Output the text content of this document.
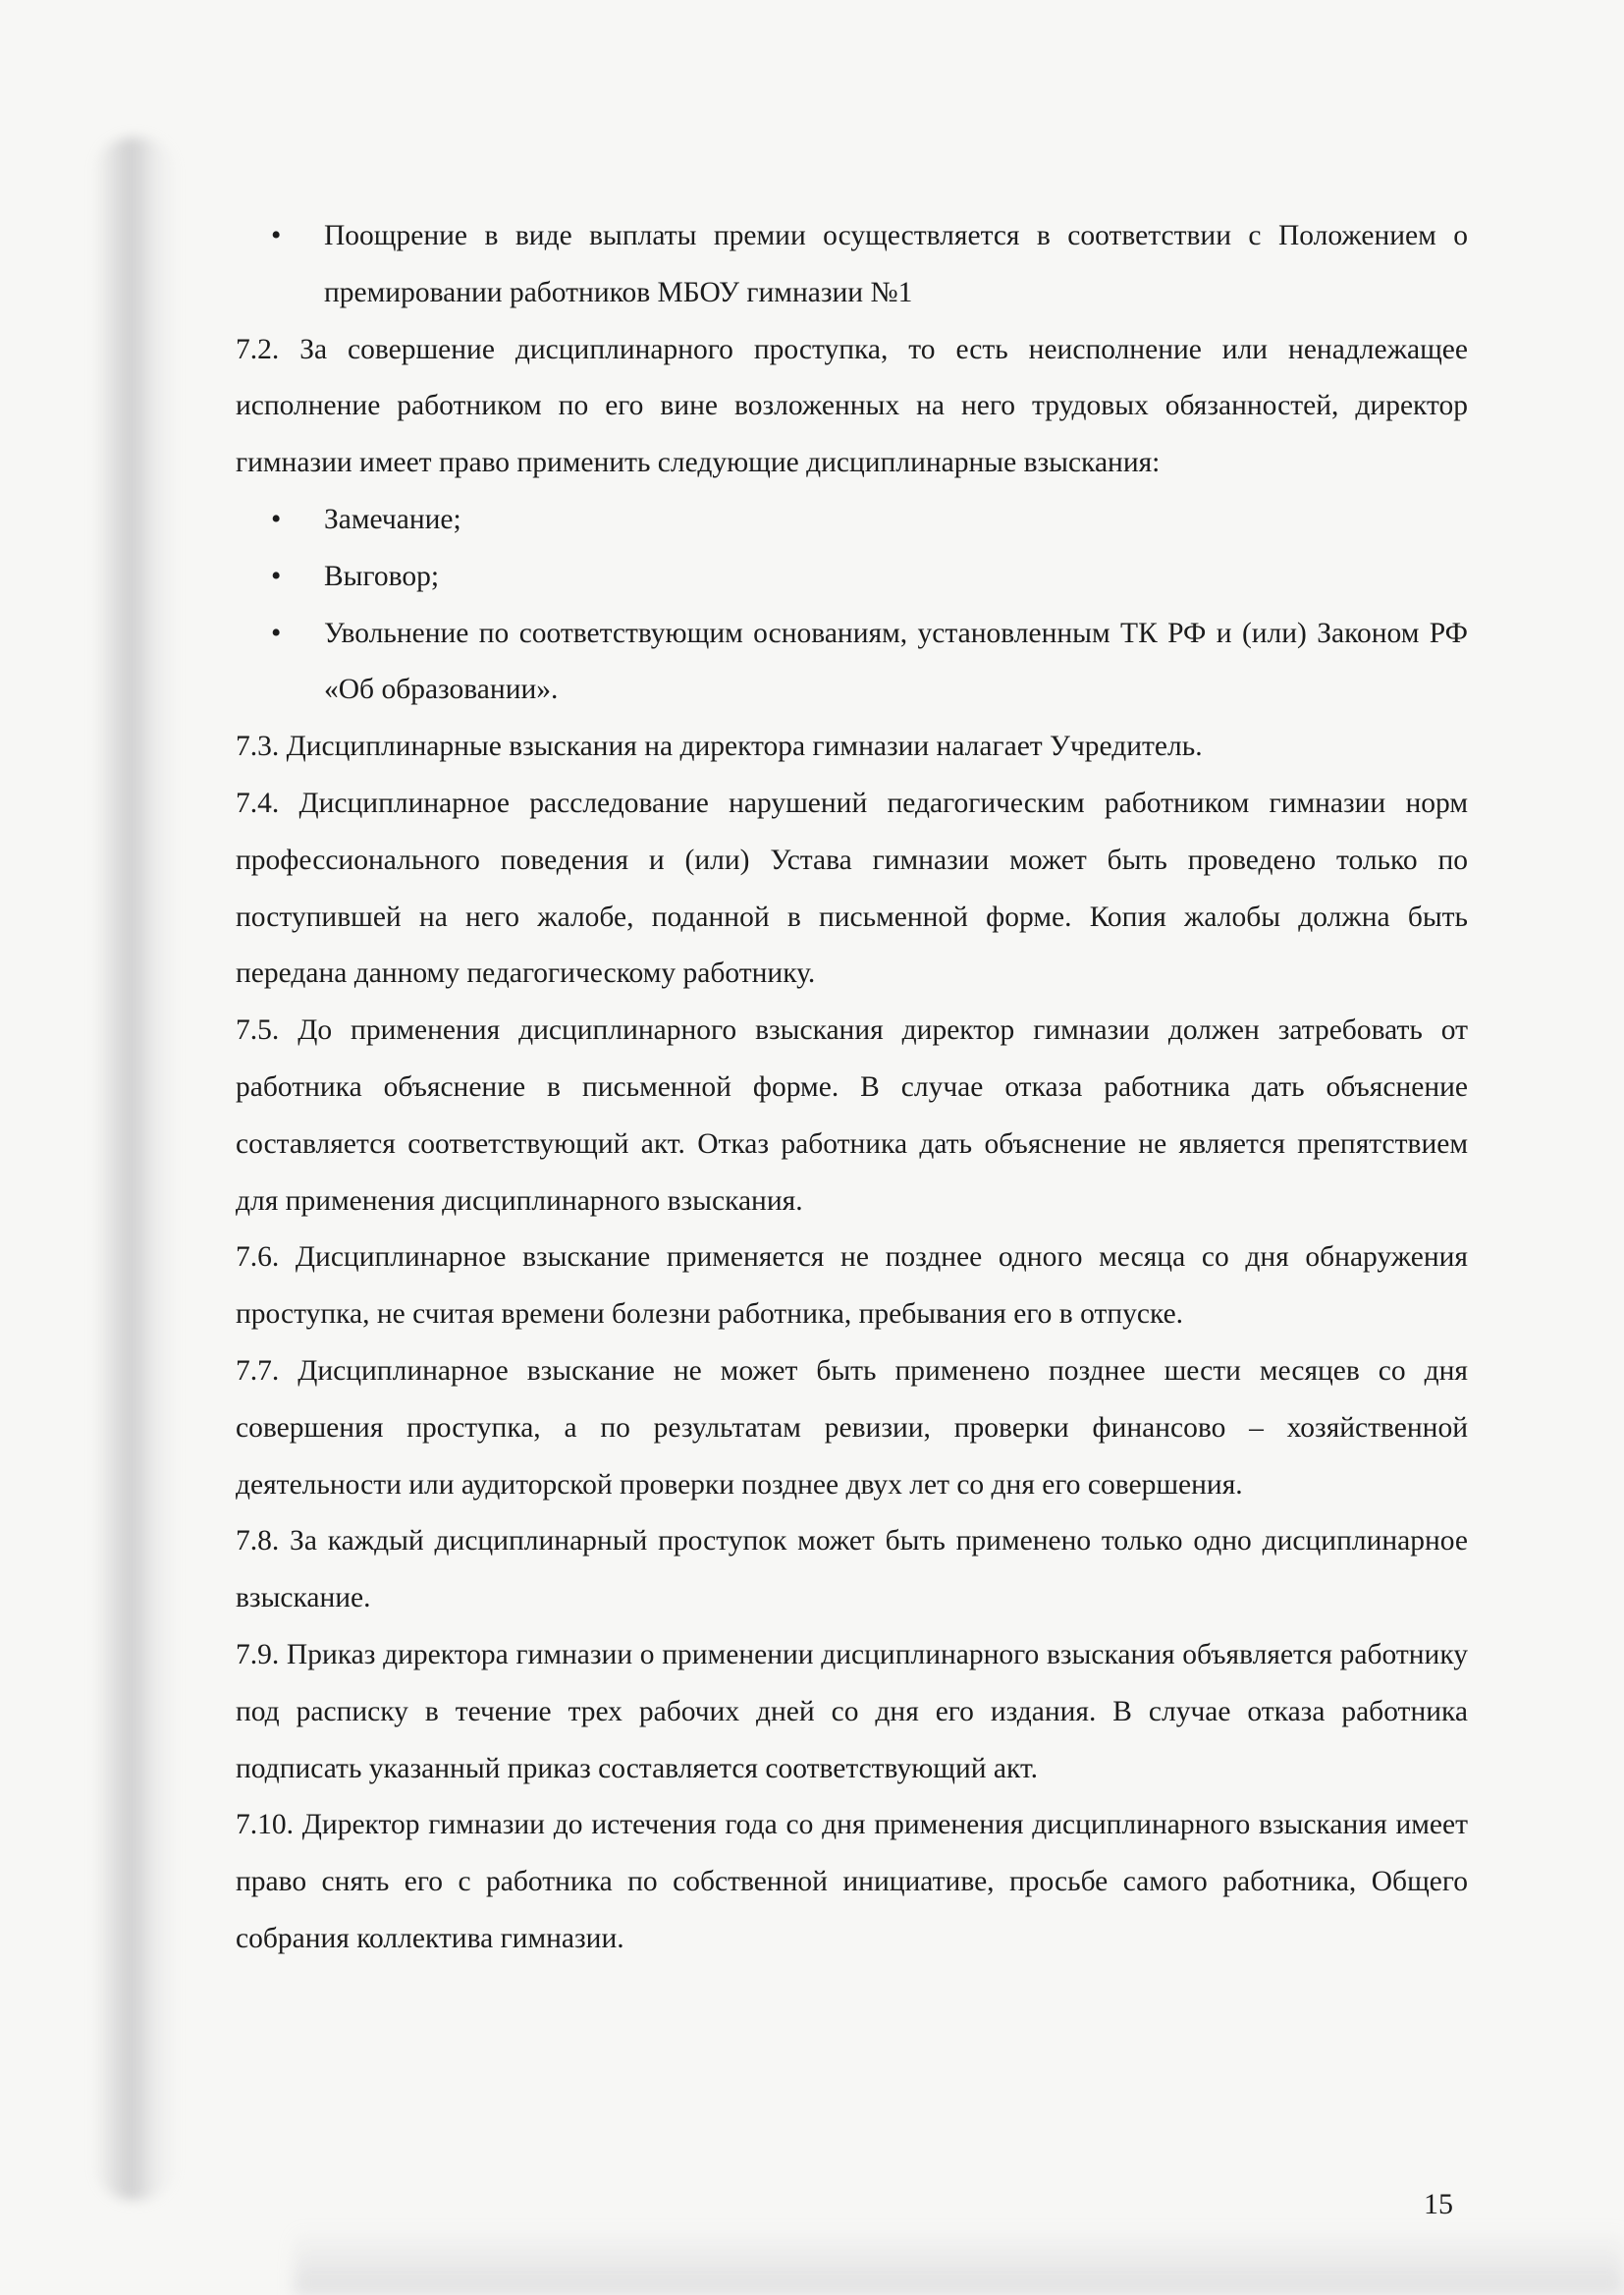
• Поощрение в виде выплаты премии осуществляется в соответствии с Положением о премировании работников МБОУ гимназии №1

7.2. За совершение дисциплинарного проступка, то есть неисполнение или ненадлежащее исполнение работником по его вине возложенных на него трудовых обязанностей, директор гимназии имеет право применить следующие дисциплинарные взыскания:

• Замечание;

• Выговор;

• Увольнение по соответствующим основаниям, установленным ТК РФ и (или) Законом РФ «Об образовании».

7.3. Дисциплинарные взыскания на директора гимназии налагает Учредитель.

7.4. Дисциплинарное расследование нарушений педагогическим работником гимназии норм профессионального поведения и (или) Устава гимназии может быть проведено только по поступившей на него жалобе, поданной в письменной форме. Копия жалобы должна быть передана данному педагогическому работнику.

7.5. До применения дисциплинарного взыскания директор гимназии должен затребовать от работника объяснение в письменной форме. В случае отказа работника дать объяснение составляется соответствующий акт. Отказ работника дать объяснение не является препятствием для применения дисциплинарного взыскания.

7.6. Дисциплинарное взыскание применяется не позднее одного месяца со дня обнаружения проступка, не считая времени болезни работника, пребывания его в отпуске.

7.7. Дисциплинарное взыскание не может быть применено позднее шести месяцев со дня совершения проступка, а по результатам ревизии, проверки финансово – хозяйственной деятельности или аудиторской проверки позднее двух лет со дня его совершения.

7.8. За каждый дисциплинарный проступок может быть применено только одно дисциплинарное взыскание.

7.9. Приказ директора гимназии о применении дисциплинарного взыскания объявляется работнику под расписку в течение трех рабочих дней со дня его издания. В случае отказа работника подписать указанный приказ составляется соответствующий акт.

7.10. Директор гимназии до истечения года со дня применения дисциплинарного взыскания имеет право снять его с работника по собственной инициативе, просьбе самого работника, Общего собрания коллектива гимназии.

15
